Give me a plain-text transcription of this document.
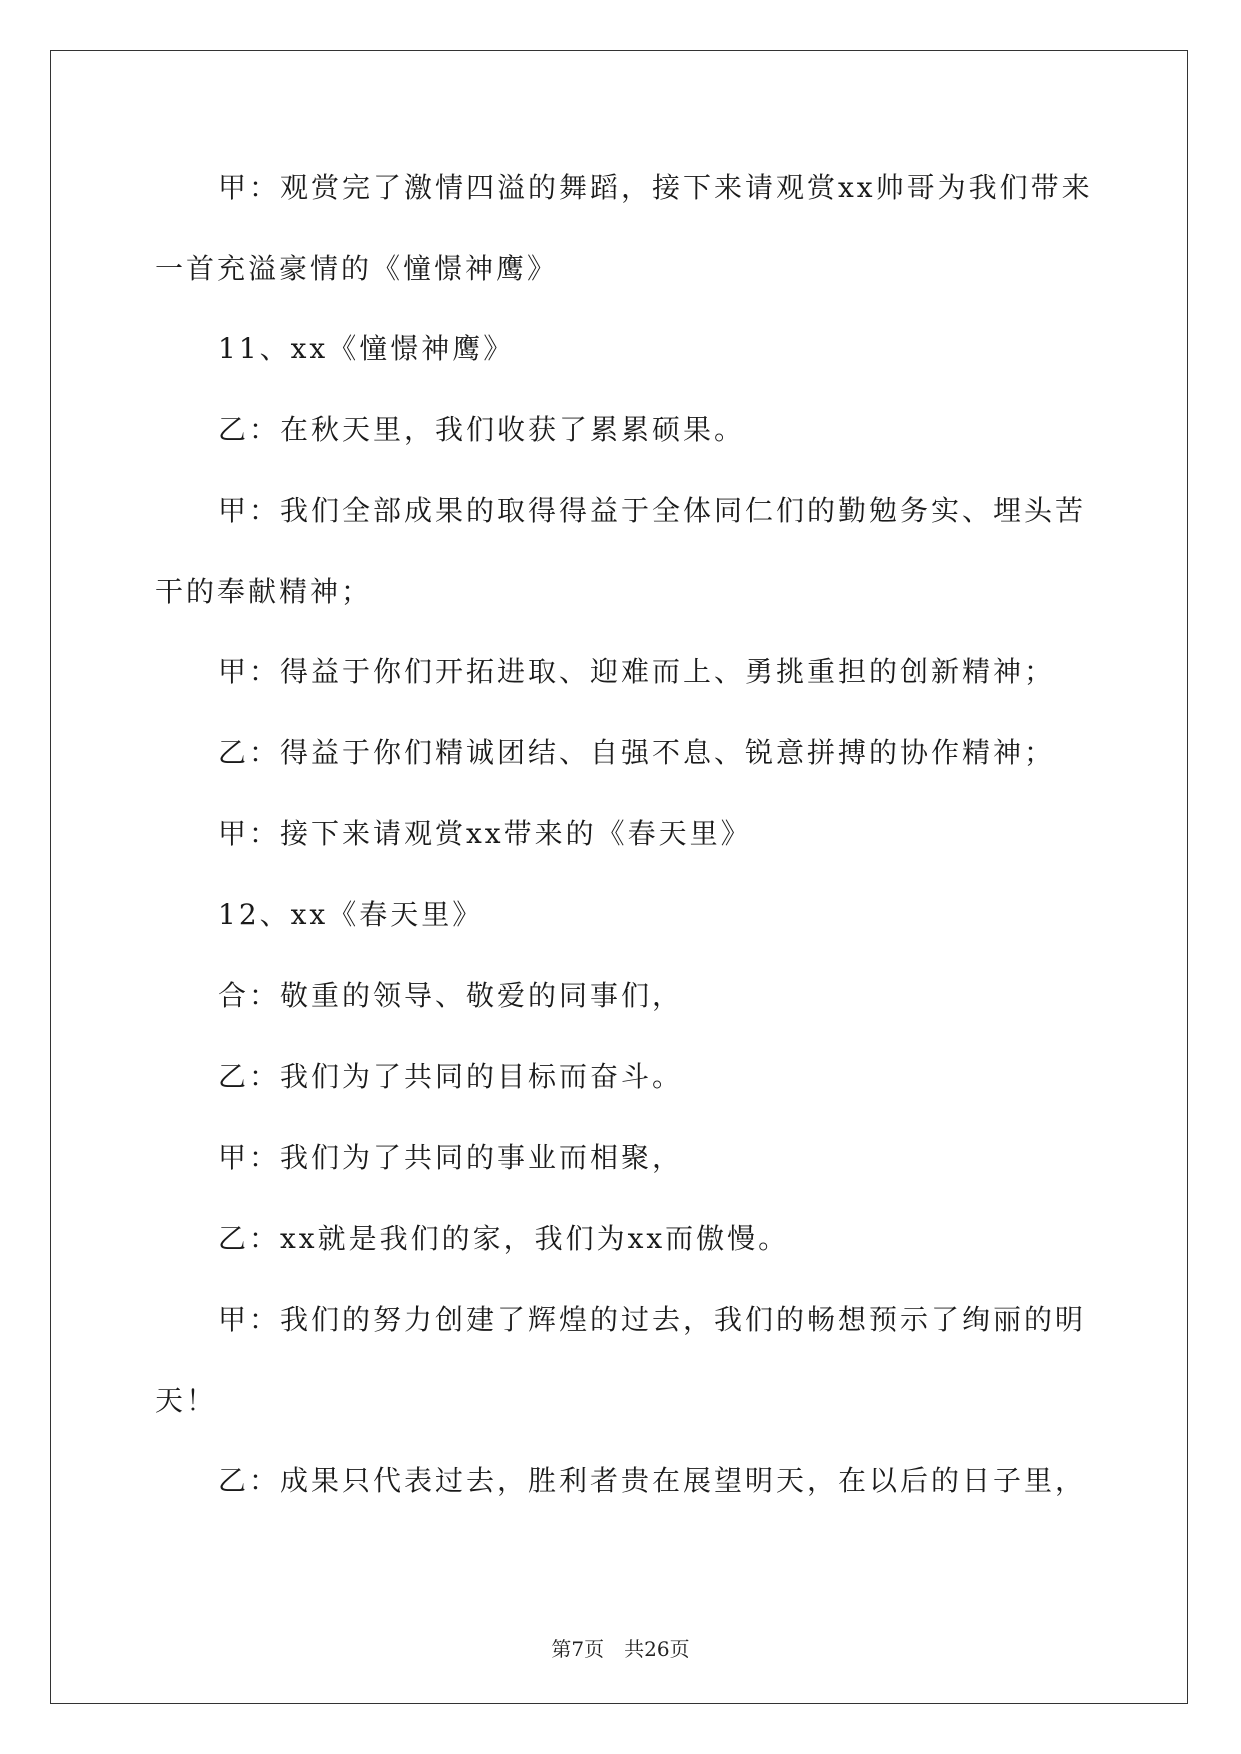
甲：观赏完了激情四溢的舞蹈，接下来请观赏xx帅哥为我们带来一首充溢豪情的《憧憬神鹰》

11、xx《憧憬神鹰》

乙：在秋天里，我们收获了累累硕果。

甲：我们全部成果的取得得益于全体同仁们的勤勉务实、埋头苦干的奉献精神；

甲：得益于你们开拓进取、迎难而上、勇挑重担的创新精神；

乙：得益于你们精诚团结、自强不息、锐意拼搏的协作精神；

甲：接下来请观赏xx带来的《春天里》

12、xx《春天里》

合：敬重的领导、敬爱的同事们，

乙：我们为了共同的目标而奋斗。

甲：我们为了共同的事业而相聚，

乙：xx就是我们的家，我们为xx而傲慢。

甲：我们的努力创建了辉煌的过去，我们的畅想预示了绚丽的明天！

乙：成果只代表过去，胜利者贵在展望明天，在以后的日子里，

第7页 共26页
